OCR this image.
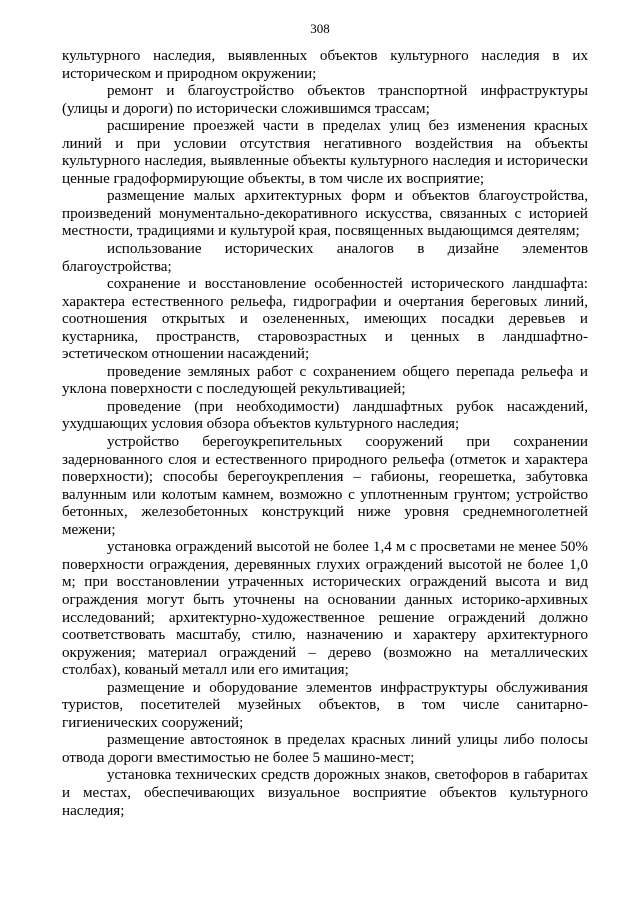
308

культурного наследия, выявленных объектов культурного наследия в их историческом и природном окружении;

ремонт и благоустройство объектов транспортной инфраструктуры (улицы и дороги) по исторически сложившимся трассам;

расширение проезжей части в пределах улиц без изменения красных линий и при условии отсутствия негативного воздействия на объекты культурного наследия, выявленные объекты культурного наследия и исторически ценные градоформирующие объекты, в том числе их восприятие;

размещение малых архитектурных форм и объектов благоустройства, произведений монументально-декоративного искусства, связанных с историей местности, традициями и культурой края, посвященных выдающимся деятелям;

использование исторических аналогов в дизайне элементов благоустройства;

сохранение и восстановление особенностей исторического ландшафта: характера естественного рельефа, гидрографии и очертания береговых линий, соотношения открытых и озелененных, имеющих посадки деревьев и кустарника, пространств, старовозрастных и ценных в ландшафтно-эстетическом отношении насаждений;

проведение земляных работ с сохранением общего перепада рельефа и уклона поверхности с последующей рекультивацией;

проведение (при необходимости) ландшафтных рубок насаждений, ухудшающих условия обзора объектов культурного наследия;

устройство берегоукрепительных сооружений при сохранении задернованного слоя и естественного природного рельефа (отметок и характера поверхности); способы берегоукрепления – габионы, георешетка, забутовка валунным или колотым камнем, возможно с уплотненным грунтом; устройство бетонных, железобетонных конструкций ниже уровня среднемноголетней межени;

установка ограждений высотой не более 1,4 м с просветами не менее 50% поверхности ограждения, деревянных глухих ограждений высотой не более 1,0 м; при восстановлении утраченных исторических ограждений высота и вид ограждения могут быть уточнены на основании данных историко-архивных исследований; архитектурно-художественное решение ограждений должно соответствовать масштабу, стилю, назначению и характеру архитектурного окружения; материал ограждений – дерево (возможно на металлических столбах), кованый металл или его имитация;

размещение и оборудование элементов инфраструктуры обслуживания туристов, посетителей музейных объектов, в том числе санитарно-гигиенических сооружений;

размещение автостоянок в пределах красных линий улицы либо полосы отвода дороги вместимостью не более 5 машино-мест;

установка технических средств дорожных знаков, светофоров в габаритах и местах, обеспечивающих визуальное восприятие объектов культурного наследия;
